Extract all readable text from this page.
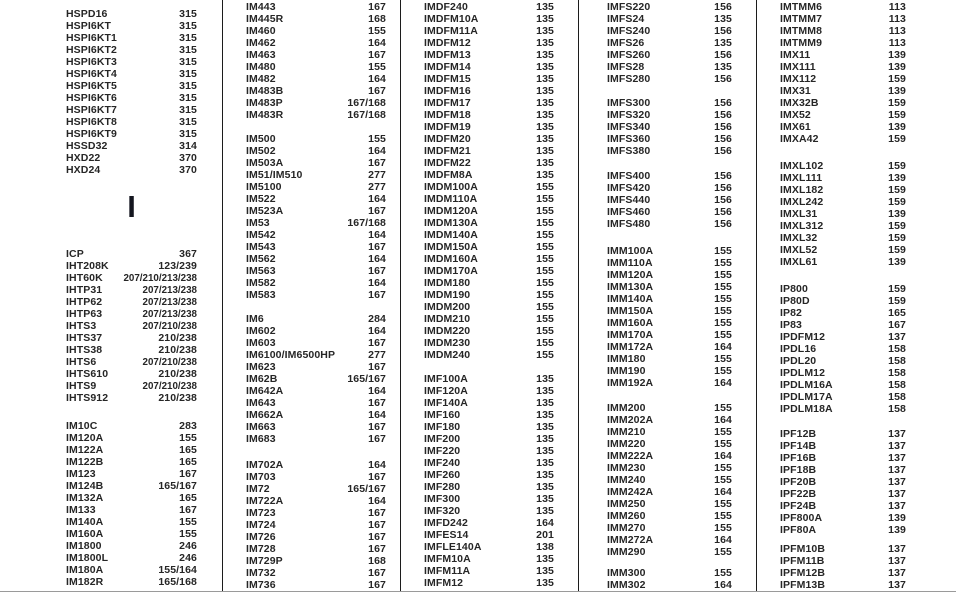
HSPD16	315
HSPI6KT	315
HSPI6KT1	315
HSPI6KT2	315
HSPI6KT3	315
HSPI6KT4	315
HSPI6KT5	315
HSPI6KT6	315
HSPI6KT7	315
HSPI6KT8	315
HSPI6KT9	315
HSSD32	314
HXD22	370
HXD24	370
I
ICP	367
IHT208K	123/239
IHT60K 207/210/213/238
IHTP31	207/213/238
IHTP62	207/213/238
IHTP63	207/213/238
IHTS3	207/210/238
IHTS37	210/238
IHTS38	210/238
IHTS6	207/210/238
IHTS610	210/238
IHTS9	207/210/238
IHTS912	210/238
IM10C	283
IM120A	155
IM122A	165
IM122B	165
IM123	167
IM124B	165/167
IM132A	165
IM133	167
IM140A	155
IM160A	155
IM1800	246
IM1800L	246
IM180A	155/164
IM182R	165/168
IM443	167
IM445R	168
IM460	155
IM462	164
IM463	167
IM480	155
IM482	164
IM483B	167
IM483P	167/168
IM483R	167/168
IM500	155
IM502	164
IM503A	167
IM51/IM510	277
IM5100	277
IM522	164
IM523A	167
IM53	167/168
IM542	164
IM543	167
IM562	164
IM563	167
IM582	164
IM583	167
IM6	284
IM602	164
IM603	167
IM6100/IM6500HP	277
IM623	167
IM62B	165/167
IM642A	164
IM643	167
IM662A	164
IM663	167
IM683	167
IM702A	164
IM703	167
IM72	165/167
IM722A	164
IM723	167
IM724	167
IM726	167
IM728	167
IM729P	168
IM732	167
IM736	167
IMDF240	135
IMDFM10A	135
IMDFM11A	135
IMDFM12	135
IMDFM13	135
IMDFM14	135
IMDFM15	135
IMDFM16	135
IMDFM17	135
IMDFM18	135
IMDFM19	135
IMDFM20	135
IMDFM21	135
IMDFM22	135
IMDFM8A	135
IMDM100A	155
IMDM110A	155
IMDM120A	155
IMDM130A	155
IMDM140A	155
IMDM150A	155
IMDM160A	155
IMDM170A	155
IMDM180	155
IMDM190	155
IMDM200	155
IMDM210	155
IMDM220	155
IMDM230	155
IMDM240	155
IMF100A	135
IMF120A	135
IMF140A	135
IMF160	135
IMF180	135
IMF200	135
IMF220	135
IMF240	135
IMF260	135
IMF280	135
IMF300	135
IMF320	135
IMFD242	164
IMFES14	201
IMFLE140A	138
IMFM10A	135
IMFM11A	135
IMFM12	135
IMFS220	156
IMFS24	135
IMFS240	156
IMFS26	135
IMFS260	156
IMFS28	135
IMFS280	156
IMFS300	156
IMFS320	156
IMFS340	156
IMFS360	156
IMFS380	156
IMFS400	156
IMFS420	156
IMFS440	156
IMFS460	156
IMFS480	156
IMM100A	155
IMM110A	155
IMM120A	155
IMM130A	155
IMM140A	155
IMM150A	155
IMM160A	155
IMM170A	155
IMM172A	164
IMM180	155
IMM190	155
IMM192A	164
IMM200	155
IMM202A	164
IMM210	155
IMM220	155
IMM222A	164
IMM230	155
IMM240	155
IMM242A	164
IMM250	155
IMM260	155
IMM270	155
IMM272A	164
IMM290	155
IMM300	155
IMM302	164
IMTMM6	113
IMTMM7	113
IMTMM8	113
IMTMM9	113
IMX11	139
IMX111	139
IMX112	159
IMX31	139
IMX32B	159
IMX52	159
IMX61	139
IMXA42	159
IMXL102	159
IMXL111	139
IMXL182	159
IMXL242	159
IMXL31	139
IMXL312	159
IMXL32	159
IMXL52	159
IMXL61	139
IP800	159
IP80D	159
IP82	165
IP83	167
IPDFM12	137
IPDL16	158
IPDL20	158
IPDLM12	158
IPDLM16A	158
IPDLM17A	158
IPDLM18A	158
IPF12B	137
IPF14B	137
IPF16B	137
IPF18B	137
IPF20B	137
IPF22B	137
IPF24B	137
IPF800A	139
IPF80A	139
IPFM10B	137
IPFM11B	137
IPFM12B	137
IPFM13B	137
